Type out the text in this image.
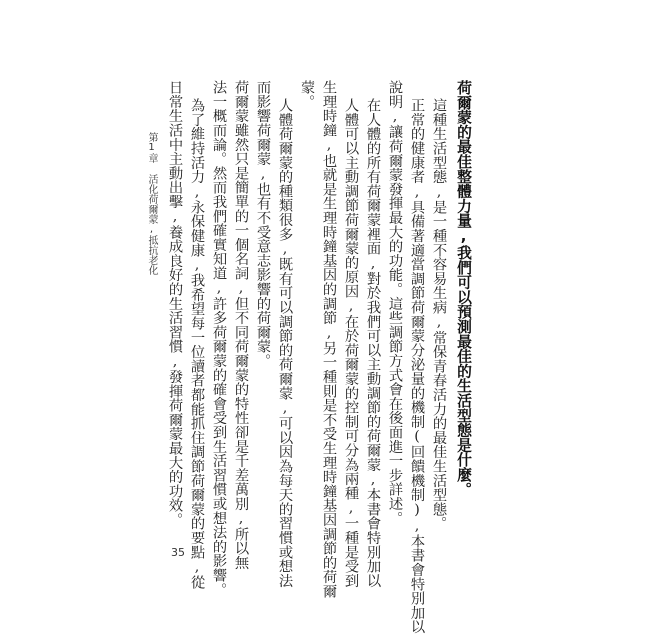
荷爾蒙的最佳整體力量,我們可以預測最佳的生活型態是什麼。
這種生活型態,是一種不容易生病,常保青春活力的最佳生活型態。
正常的健康者,具備著適當調節荷爾蒙分泌量的機制(回饋機制),本書會特別加以
說明,讓荷爾蒙發揮最大的功能。這些調節方式會在後面進一步詳述。
在人體的所有荷爾蒙裡面,對於我們可以主動調節的荷爾蒙,本書會特別加以
人體可以主動調節荷爾蒙的原因,在於荷爾蒙的控制可分為兩種,一種是受到
生理時鐘,也就是生理時鐘基因的調節,另一種則是不受生理時鐘基因調節的荷爾
蒙。
人體荷爾蒙的種類很多,既有可以調節的荷爾蒙,可以因為每天的習慣或想法
而影響荷爾蒙,也有不受意志影響的荷爾蒙。
荷爾蒙雖然只是簡單的一個名詞,但不同荷爾蒙的特性卻是千差萬別,所以無
法一概而論。然而我們確實知道,許多荷爾蒙的確會受到生活習慣或想法的影響。
為了維持活力,永保健康,我希望每一位讀者都能抓住調節荷爾蒙的要點,從
日常生活中主動出擊,養成良好的生活習慣,發揮荷爾蒙最大的功效。
第1章 活化荷爾蒙,抵抗老化
35
